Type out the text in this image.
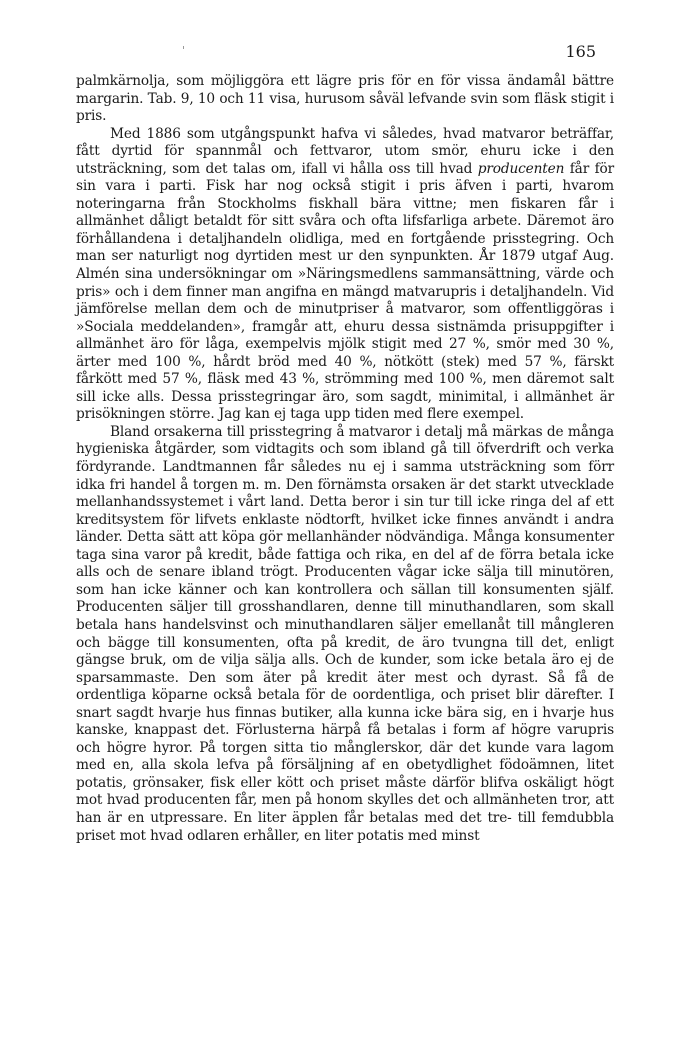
165

palmkärnolja, som möjliggöra ett lägre pris för en för vissa ändamål bättre margarin. Tab. 9, 10 och 11 visa, hurusom såväl lefvande svin som fläsk stigit i pris.

Med 1886 som utgångspunkt hafva vi således, hvad matvaror beträffar, fått dyrtid för spannmål och fettvaror, utom smör, ehuru icke i den utsträckning, som det talas om, ifall vi hålla oss till hvad producenten får för sin vara i parti. Fisk har nog också stigit i pris äfven i parti, hvarom noteringarna från Stockholms fiskhall bära vittne; men fiskaren får i allmänhet dåligt betaldt för sitt svåra och ofta lifsfarliga arbete. Däremot äro förhållandena i detaljhandeln olidliga, med en fortgående prisstegring. Och man ser naturligt nog dyrtiden mest ur den synpunkten. År 1879 utgaf Aug. Almén sina undersökningar om »Näringsmedlens sammansättning, värde och pris» och i dem finner man angifna en mängd matvarupris i detaljhandeln. Vid jämförelse mellan dem och de minutpriser å matvaror, som offentliggöras i »Sociala meddelanden», framgår att, ehuru dessa sistnämda prisuppgifter i allmänhet äro för låga, exempelvis mjölk stigit med 27 %, smör med 30 %, ärter med 100 %, hårdt bröd med 40 %, nötkött (stek) med 57 %, färskt fårkött med 57 %, fläsk med 43 %, strömming med 100 %, men däremot salt sill icke alls. Dessa prisstegringar äro, som sagdt, minimital, i allmänhet är prisökningen större. Jag kan ej taga upp tiden med flere exempel.

Bland orsakerna till prisstegring å matvaror i detalj må märkas de många hygieniska åtgärder, som vidtagits och som ibland gå till öfverdrift och verka fördyrande. Landtmannen får således nu ej i samma utsträckning som förr idka fri handel å torgen m. m. Den förnämsta orsaken är det starkt utvecklade mellanhandssystemet i vårt land. Detta beror i sin tur till icke ringa del af ett kreditsystem för lifvets enklaste nödtorft, hvilket icke finnes användt i andra länder. Detta sätt att köpa gör mellanhänder nödvändiga. Många konsumenter taga sina varor på kredit, både fattiga och rika, en del af de förra betala icke alls och de senare ibland trögt. Producenten vågar icke sälja till minutören, som han icke känner och kan kontrollera och sällan till konsumenten själf. Producenten säljer till grosshandlaren, denne till minuthandlaren, som skall betala hans handelsvinst och minuthandlaren säljer emellanåt till mångleren och bägge till konsumenten, ofta på kredit, de äro tvungna till det, enligt gängse bruk, om de vilja sälja alls. Och de kunder, som icke betala äro ej de sparsammaste. Den som äter på kredit äter mest och dyrast. Så få de ordentliga köparne också betala för de oordentliga, och priset blir därefter. I snart sagdt hvarje hus finnas butiker, alla kunna icke bära sig, en i hvarje hus kanske, knappast det. Förlusterna härpå få betalas i form af högre varupris och högre hyror. På torgen sitta tio månglerskor, där det kunde vara lagom med en, alla skola lefva på försäljning af en obetydlighet födoämnen, litet potatis, grönsaker, fisk eller kött och priset måste därför blifva oskäligt högt mot hvad producenten får, men på honom skylles det och allmänheten tror, att han är en utpressare. En liter äpplen får betalas med det tre- till femdubbla priset mot hvad odlaren erhåller, en liter potatis med minst
